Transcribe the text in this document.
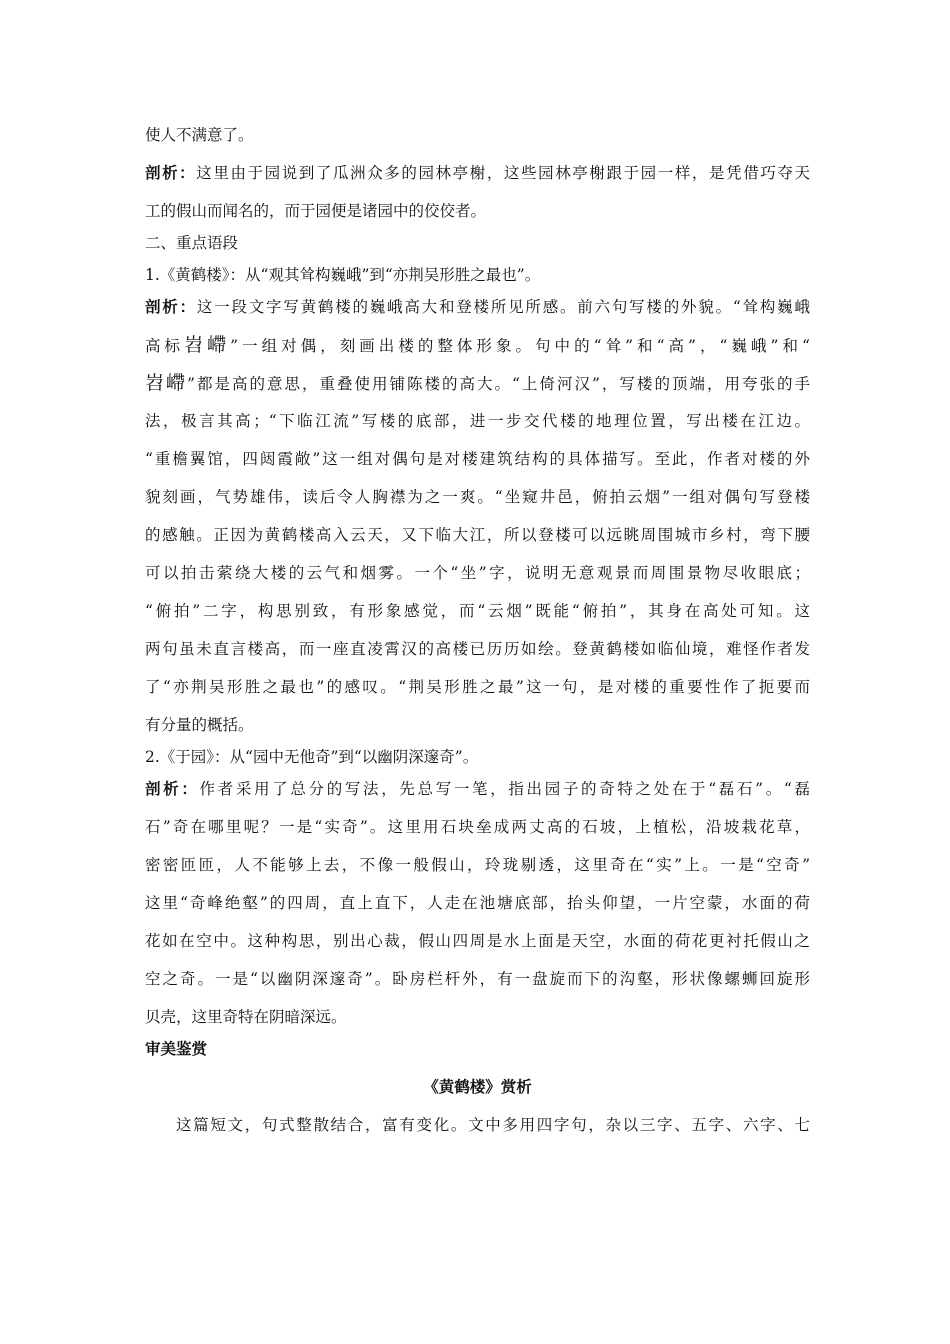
使人不满意了。
剖析：这里由于园说到了瓜洲众多的园林亭榭，这些园林亭榭跟于园一样，是凭借巧夺天
工的假山而闻名的，而于园便是诸园中的佼佼者。
二、重点语段
1.《黄鹤楼》：从“观其耸构巍峨”到“亦荆吴形胜之最也”。
剖析：这一段文字写黄鹤楼的巍峨高大和登楼所见所感。前六句写楼的外貌。“耸构巍峨
高标岧嵽”一组对偶，刻画出楼的整体形象。句中的“耸”和“高”，“巍峨”和“
岧嵽”都是高的意思，重叠使用铺陈楼的高大。“上倚河汉”，写楼的顶端，用夸张的手
法，极言其高；“下临江流”写楼的底部，进一步交代楼的地理位置，写出楼在江边。
“重檐翼馆，四闼霞敞”这一组对偶句是对楼建筑结构的具体描写。至此，作者对楼的外
貌刻画，气势雄伟，读后令人胸襟为之一爽。“坐窥井邑，俯拍云烟”一组对偶句写登楼
的感触。正因为黄鹤楼高入云天，又下临大江，所以登楼可以远眺周围城市乡村，弯下腰
可以拍击萦绕大楼的云气和烟雾。一个“坐”字，说明无意观景而周围景物尽收眼底；
“俯拍”二字，构思别致，有形象感觉，而“云烟”既能“俯拍”，其身在高处可知。这
两句虽未直言楼高，而一座直凌霄汉的高楼已历历如绘。登黄鹤楼如临仙境，难怪作者发
了“亦荆吴形胜之最也”的感叹。“荆吴形胜之最”这一句，是对楼的重要性作了扼要而
有分量的概括。
2.《于园》：从“园中无他奇”到“以幽阴深邃奇”。
剖析：作者采用了总分的写法，先总写一笔，指出园子的奇特之处在于“磊石”。“磊
石”奇在哪里呢？一是“实奇”。这里用石块垒成两丈高的石坡，上植松，沿坡栽花草，
密密匝匝，人不能够上去，不像一般假山，玲珑剔透，这里奇在“实”上。一是“空奇”
这里“奇峰绝壑”的四周，直上直下，人走在池塘底部，抬头仰望，一片空蒙，水面的荷
花如在空中。这种构思，别出心裁，假山四周是水上面是天空，水面的荷花更衬托假山之
空之奇。一是“以幽阴深邃奇”。卧房栏杆外，有一盘旋而下的沟壑，形状像螺蛳回旋形
贝壳，这里奇特在阴暗深远。
审美鉴赏
《黄鹤楼》赏析
这篇短文，句式整散结合，富有变化。文中多用四字句，杂以三字、五字、六字、七
